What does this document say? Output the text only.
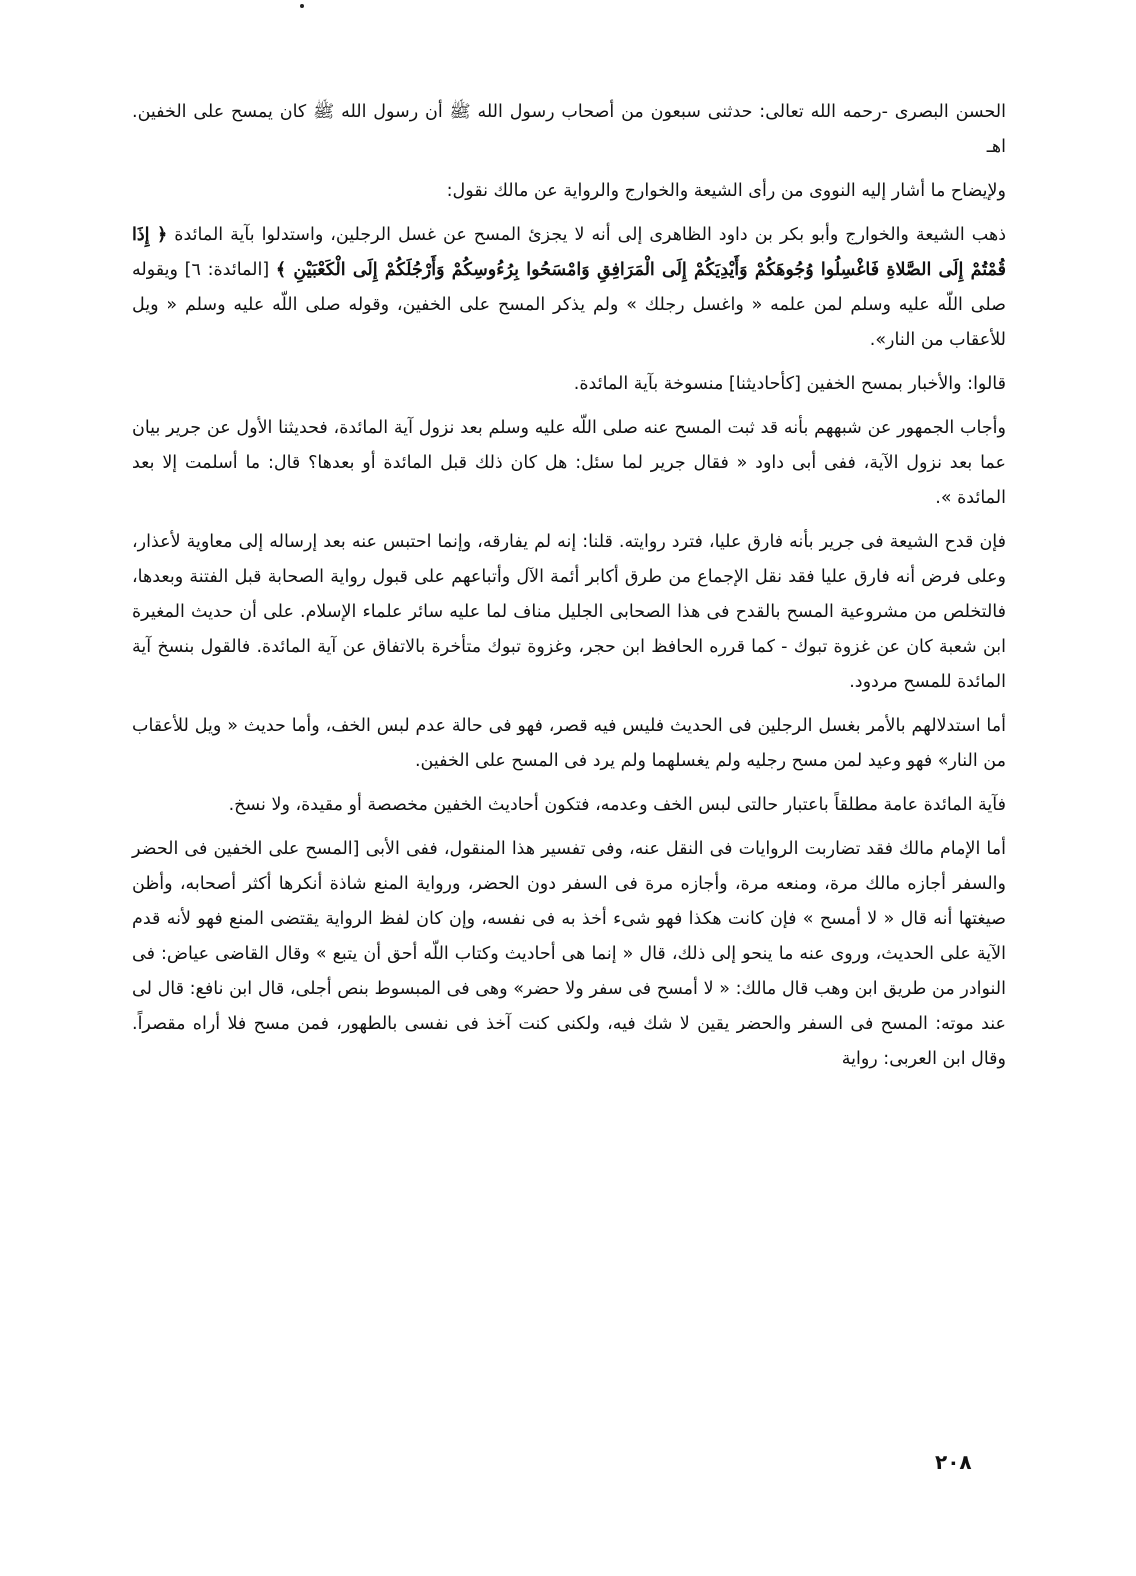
الحسن البصرى -رحمه الله تعالى: حدثنى سبعون من أصحاب رسول الله ﷺ أن رسول الله ﷺ كان يمسح على الخفين. اهـ

ولإيضاح ما أشار إليه النووى من رأى الشيعة والخوارج والرواية عن مالك نقول:

ذهب الشيعة والخوارج وأبو بكر بن داود الظاهرى إلى أنه لا يجزئ المسح عن غسل الرجلين، واستدلوا بآية المائدة ﴿ إِذَا قُمْتُمْ إِلَى الصَّلاةِ فَاغْسِلُوا وُجُوهَكُمْ وَأَيْدِيَكُمْ إِلَى الْمَرَافِقِ وَامْسَحُوا بِرُءُوسِكُمْ وَأَرْجُلَكُمْ إِلَى الْكَعْبَيْنِ ﴾ [المائدة: ٦] ويقوله صلى اللّه عليه وسلم لمن علمه « واغسل رجلك » ولم يذكر المسح على الخفين، وقوله صلى اللّه عليه وسلم « ويل للأعقاب من النار».

قالوا: والأخبار بمسح الخفين [كأحاديثنا] منسوخة بآية المائدة.

وأجاب الجمهور عن شبههم بأنه قد ثبت المسح عنه صلى اللّه عليه وسلم بعد نزول آية المائدة، فحديثنا الأول عن جرير بيان عما بعد نزول الآية، ففى أبى داود « فقال جرير لما سئل: هل كان ذلك قبل المائدة أو بعدها؟ قال: ما أسلمت إلا بعد المائدة ».

فإن قدح الشيعة فى جرير بأنه فارق عليا، فترد روايته. قلنا: إنه لم يفارقه، وإنما احتبس عنه بعد إرساله إلى معاوية لأعذار، وعلى فرض أنه فارق عليا فقد نقل الإجماع من طرق أكابر أئمة الآل وأتباعهم على قبول رواية الصحابة قبل الفتنة وبعدها، فالتخلص من مشروعية المسح بالقدح فى هذا الصحابى الجليل مناف لما عليه سائر علماء الإسلام. على أن حديث المغيرة ابن شعبة كان عن غزوة تبوك - كما قرره الحافظ ابن حجر، وغزوة تبوك متأخرة بالاتفاق عن آية المائدة. فالقول بنسخ آية المائدة للمسح مردود.

أما استدلالهم بالأمر بغسل الرجلين فى الحديث فليس فيه قصر، فهو فى حالة عدم لبس الخف، وأما حديث « ويل للأعقاب من النار» فهو وعيد لمن مسح رجليه ولم يغسلهما ولم يرد فى المسح على الخفين.

فآية المائدة عامة مطلقاً باعتبار حالتى لبس الخف وعدمه، فتكون أحاديث الخفين مخصصة أو مقيدة، ولا نسخ.

أما الإمام مالك فقد تضاربت الروايات فى النقل عنه، وفى تفسير هذا المنقول، ففى الأبى [المسح على الخفين فى الحضر والسفر أجازه مالك مرة، ومنعه مرة، وأجازه مرة فى السفر دون الحضر، ورواية المنع شاذة أنكرها أكثر أصحابه، وأظن صيغتها أنه قال « لا أمسح » فإن كانت هكذا فهو شىء أخذ به فى نفسه، وإن كان لفظ الرواية يقتضى المنع فهو لأنه قدم الآية على الحديث، وروى عنه ما ينحو إلى ذلك، قال « إنما هى أحاديث وكتاب اللّه أحق أن يتبع » وقال القاضى عياض: فى النوادر من طريق ابن وهب قال مالك: « لا أمسح فى سفر ولا حضر» وهى فى المبسوط بنص أجلى، قال ابن نافع: قال لى عند موته: المسح فى السفر والحضر يقين لا شك فيه، ولكنى كنت آخذ فى نفسى بالطهور، فمن مسح فلا أراه مقصراً. وقال ابن العربى: رواية

٢٠٨
